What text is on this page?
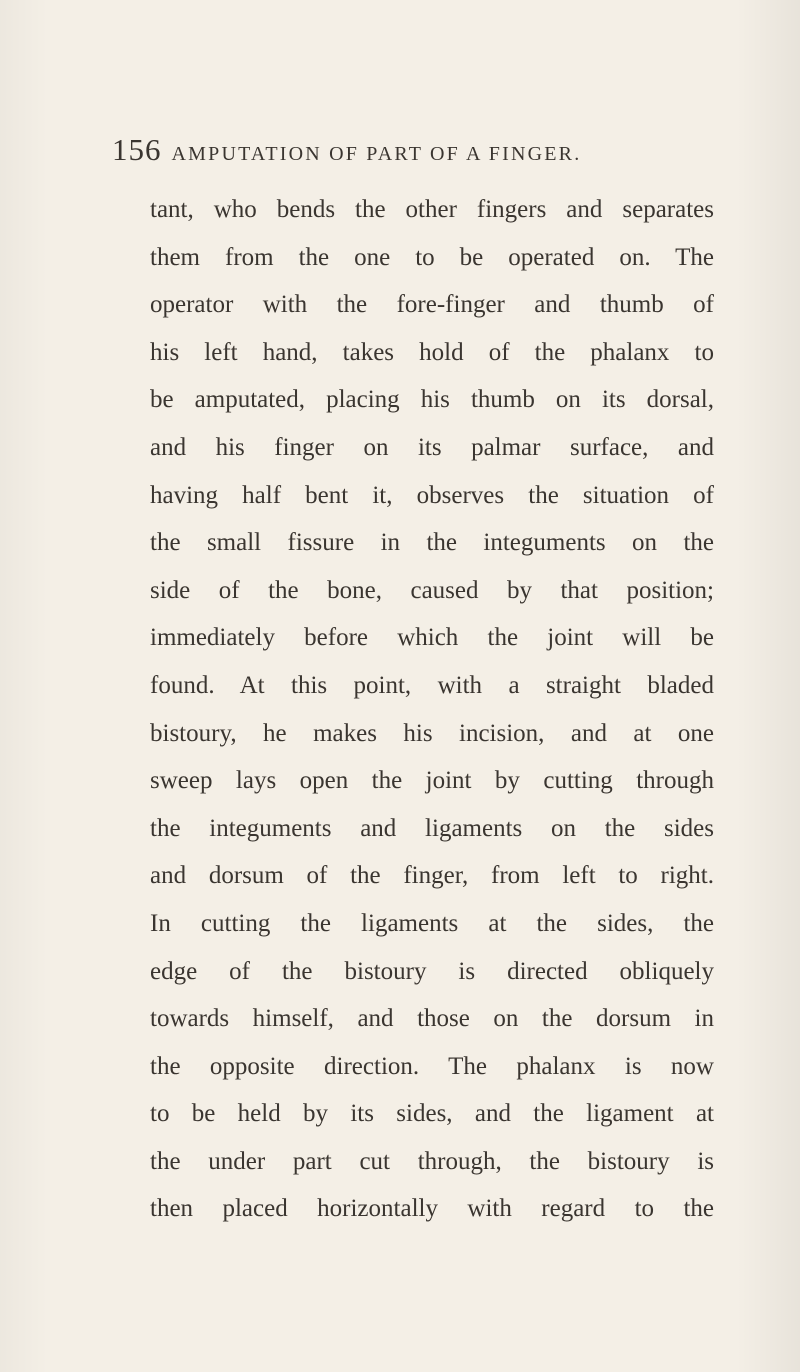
156 AMPUTATION OF PART OF A FINGER.
tant, who bends the other fingers and separates
them from the one to be operated on. The
operator with the fore-finger and thumb of
his left hand, takes hold of the phalanx to
be amputated, placing his thumb on its dorsal,
and his finger on its palmar surface, and
having half bent it, observes the situation of
the small fissure in the integuments on the
side of the bone, caused by that position;
immediately before which the joint will be
found. At this point, with a straight bladed
bistoury, he makes his incision, and at one
sweep lays open the joint by cutting through
the integuments and ligaments on the sides
and dorsum of the finger, from left to right.
In cutting the ligaments at the sides, the
edge of the bistoury is directed obliquely
towards himself, and those on the dorsum in
the opposite direction. The phalanx is now
to be held by its sides, and the ligament at
the under part cut through, the bistoury is
then placed horizontally with regard to the
